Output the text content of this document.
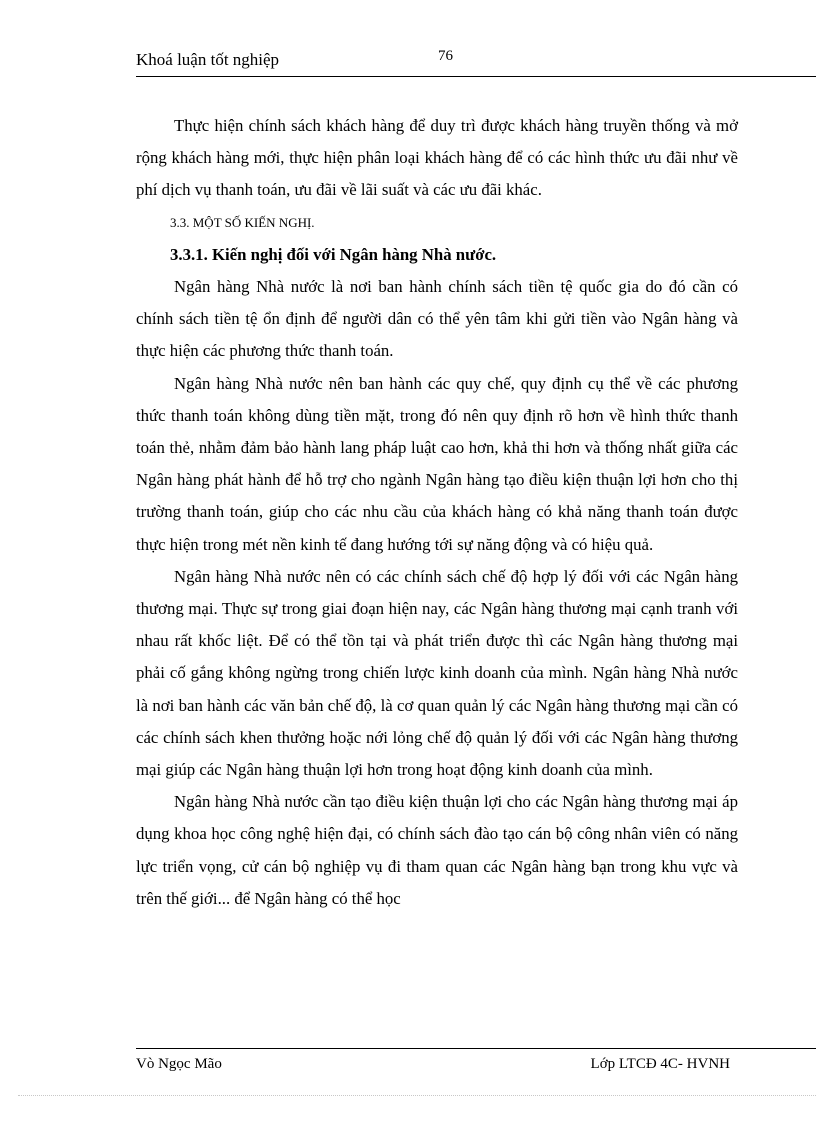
Khoá luận tốt nghiệp	76

Thực hiện chính sách khách hàng để duy trì được khách hàng truyền thống và mở rộng khách hàng mới, thực hiện phân loại khách hàng để có các hình thức ưu đãi như về phí dịch vụ thanh toán, ưu đãi về lãi suất và các ưu đãi khác.

3.3. MỘT SỐ KIẾN NGHỊ.
3.3.1. Kiến nghị đối với Ngân hàng Nhà nước.

Ngân hàng Nhà nước là nơi ban hành chính sách tiền tệ quốc gia do đó cần có chính sách tiền tệ ổn định để người dân có thể yên tâm khi gửi tiền vào Ngân hàng và thực hiện các phương thức thanh toán.

Ngân hàng Nhà nước nên ban hành các quy chế, quy định cụ thể về các phương thức thanh toán không dùng tiền mặt, trong đó nên quy định rõ hơn về hình thức thanh toán thẻ, nhằm đảm bảo hành lang pháp luật cao hơn, khả thi hơn và thống nhất giữa các Ngân hàng phát hành để hỗ trợ cho ngành Ngân hàng tạo điều kiện thuận lợi hơn cho thị trường thanh toán, giúp cho các nhu cầu của khách hàng có khả năng thanh toán được thực hiện trong mét nền kinh tế đang hướng tới sự năng động và có hiệu quả.

Ngân hàng Nhà nước nên có các chính sách chế độ hợp lý đối với các Ngân hàng thương mại. Thực sự trong giai đoạn hiện nay, các Ngân hàng thương mại cạnh tranh với nhau rất khốc liệt. Để có thể tồn tại và phát triển được thì các Ngân hàng thương mại phải cố gắng không ngừng trong chiến lược kinh doanh của mình. Ngân hàng Nhà nước là nơi ban hành các văn bản chế độ, là cơ quan quản lý các Ngân hàng thương mại cần có các chính sách khen thưởng hoặc nới lỏng chế độ quản lý đối với các Ngân hàng thương mại giúp các Ngân hàng thuận lợi hơn trong hoạt động kinh doanh của mình.

Ngân hàng Nhà nước cần tạo điều kiện thuận lợi cho các Ngân hàng thương mại áp dụng khoa học công nghệ hiện đại, có chính sách đào tạo cán bộ công nhân viên có năng lực triển vọng, cử cán bộ nghiệp vụ đi tham quan các Ngân hàng bạn trong khu vực và trên thế giới... để Ngân hàng có thể học

Vò Ngọc Mão	Lớp LTCĐ 4C- HVNH
